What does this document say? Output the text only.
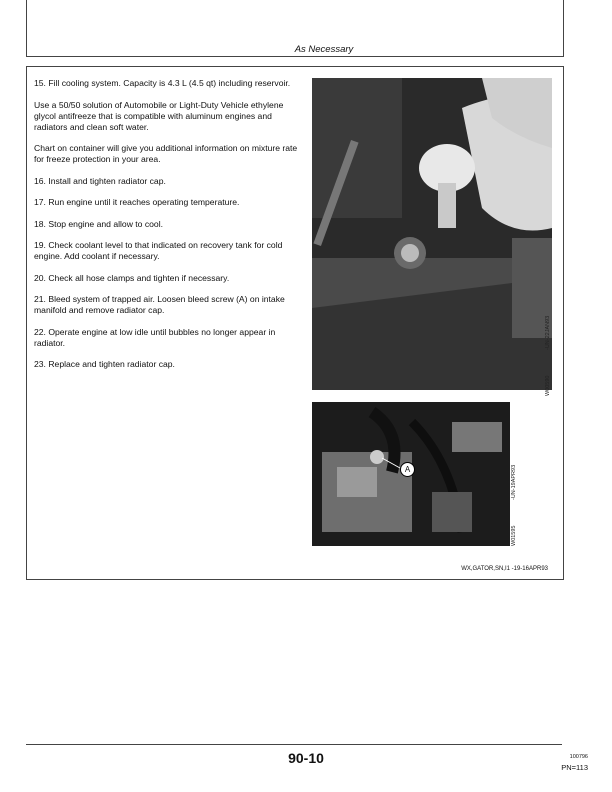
As Necessary

15. Fill cooling system. Capacity is 4.3 L (4.5 qt) including reservoir.

Use a 50/50 solution of Automobile or Light-Duty Vehicle ethylene glycol antifreeze that is compatible with aluminum engines and radiators and clean soft water.

Chart on container will give you additional information on mixture rate for freeze protection in your area.

16. Install and tighten radiator cap.

17. Run engine until it reaches operating temperature.

18. Stop engine and allow to cool.

19. Check coolant level to that indicated on recovery tank for cold engine. Add coolant if necessary.

20. Check all hose clamps and tighten if necessary.

21. Bleed system of trapped air. Loosen bleed screw (A) on intake manifold and remove radiator cap.

22. Operate engine at low idle until bubbles no longer appear in radiator.

23. Replace and tighten radiator cap.

-UN-22JAN93
W00590
A	-UN-19APR93
W01595
WX,GATOR,SN,I1 -19-16APR93
90-10	100796
PN=113
